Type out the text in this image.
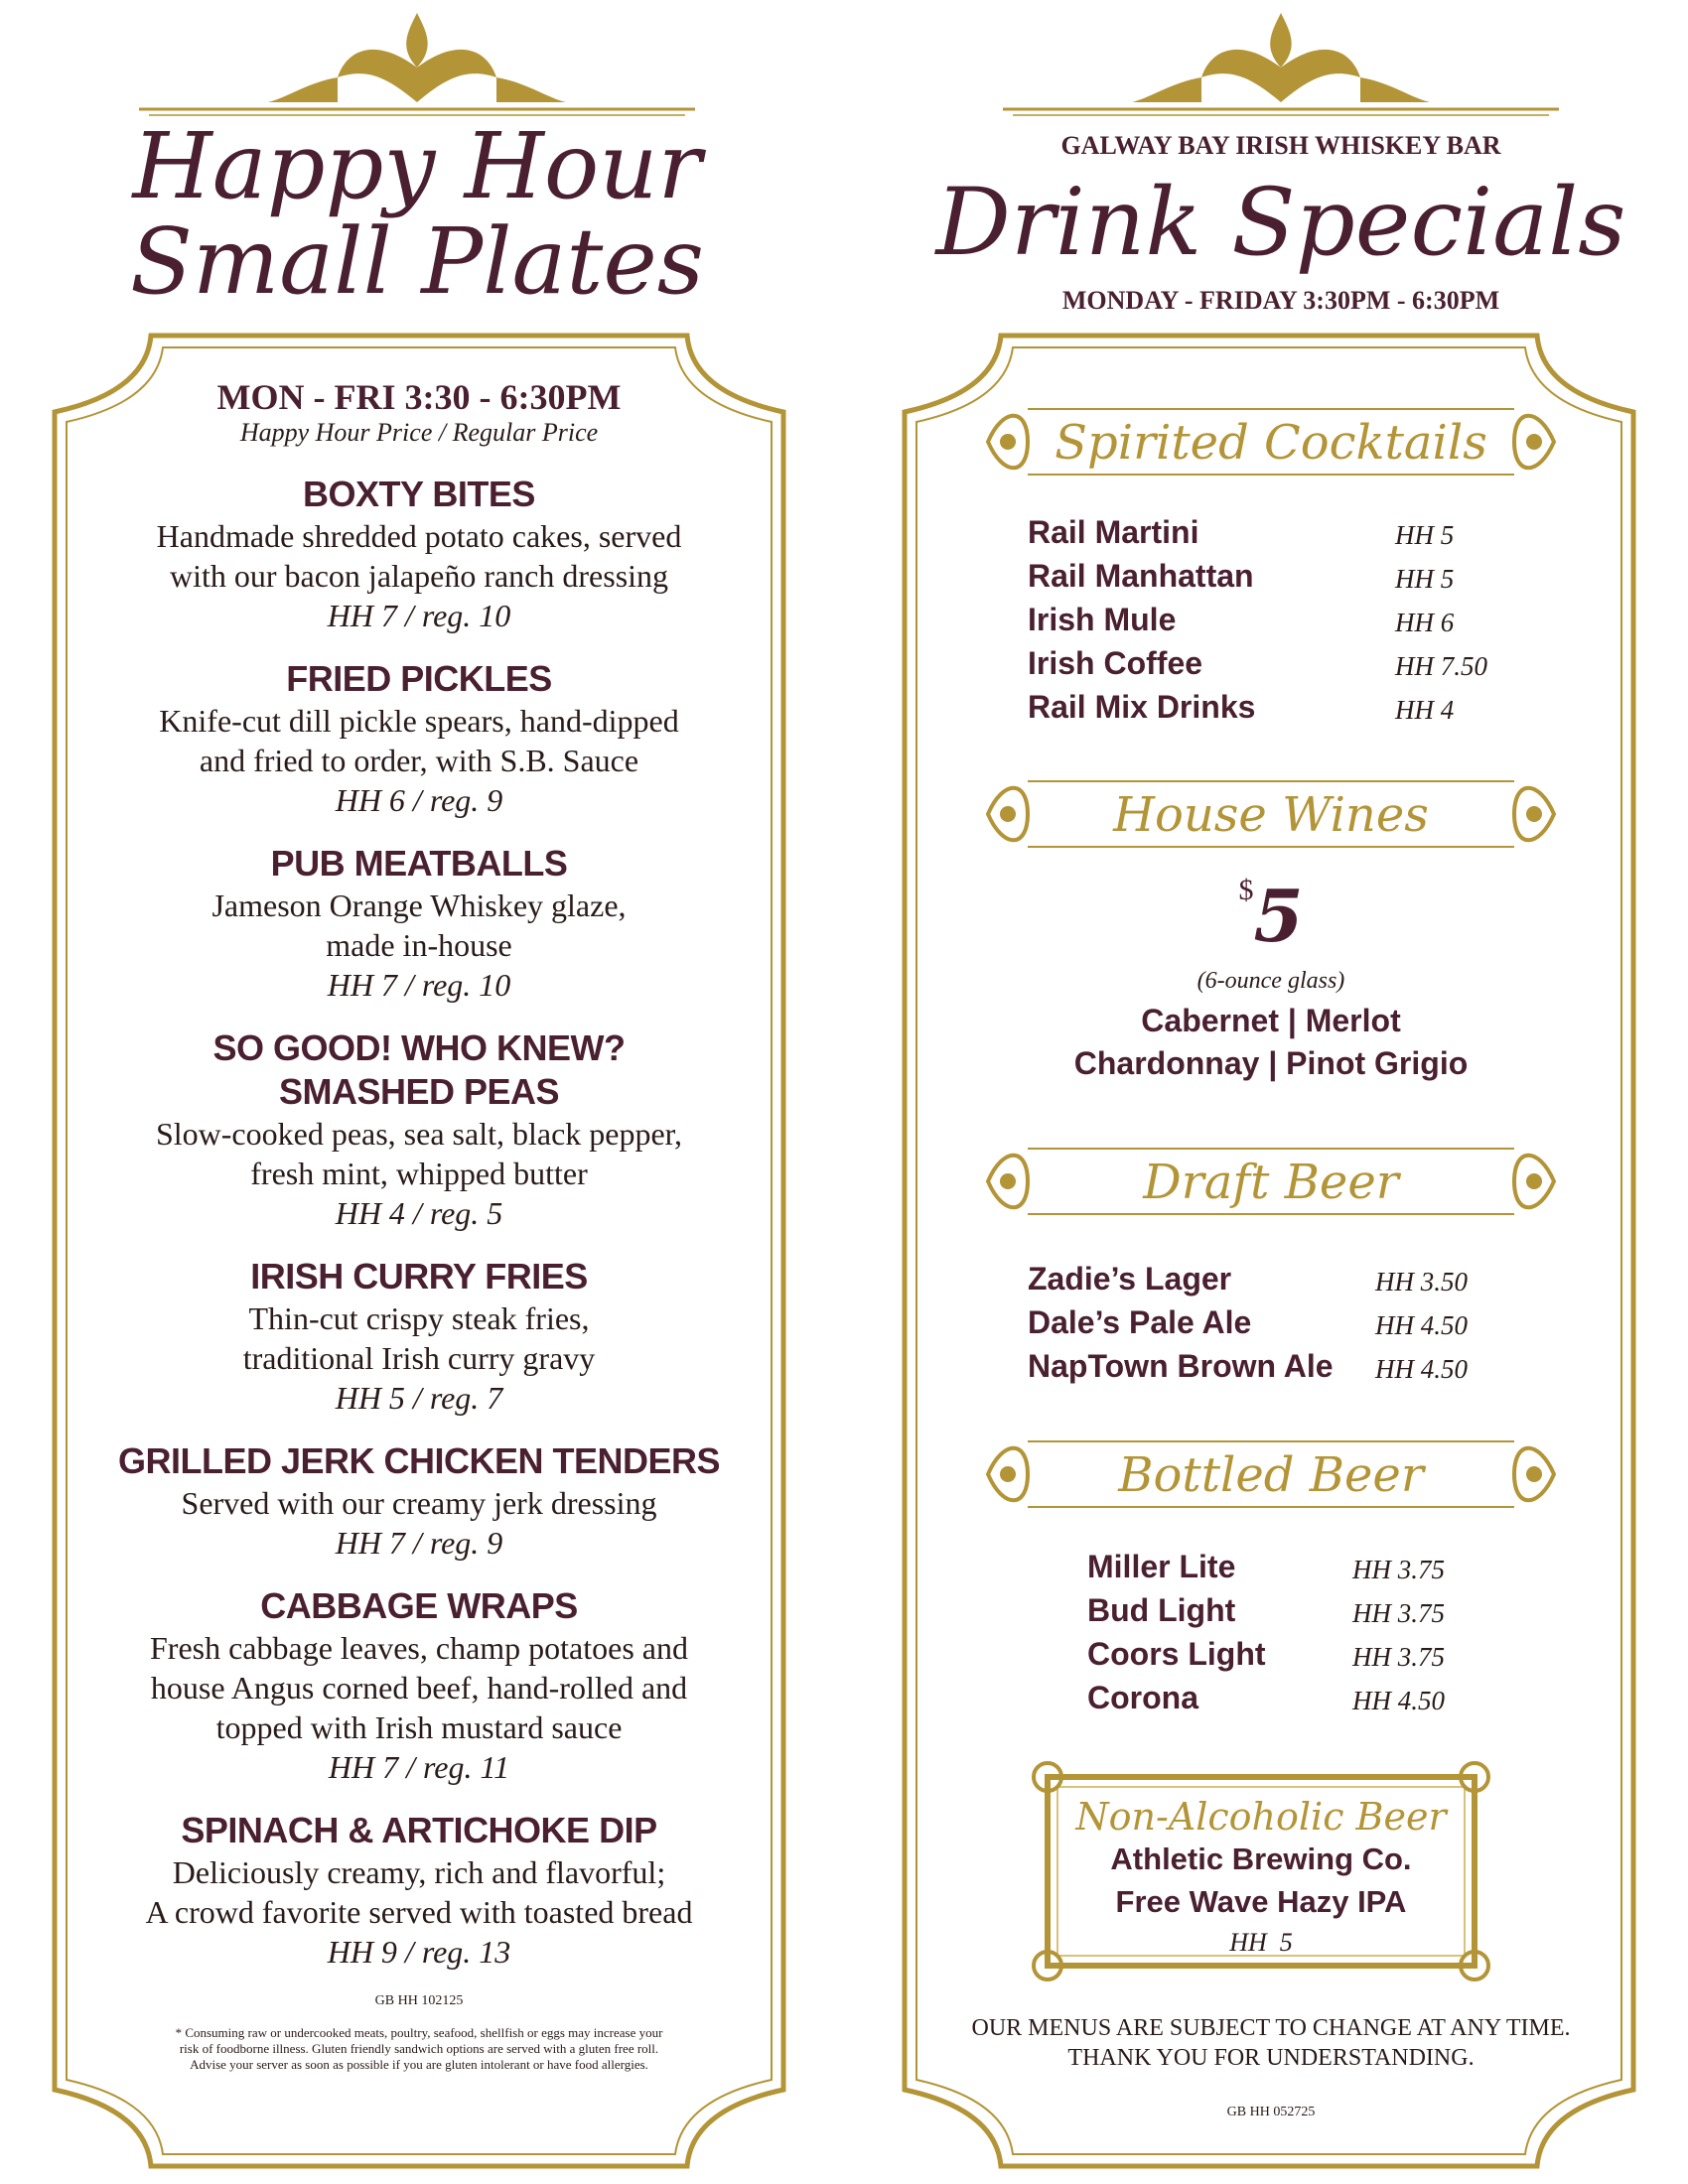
Happy Hour
Small Plates
MON - FRI 3:30 - 6:30PM
Happy Hour Price / Regular Price
BOXTY BITES
Handmade shredded potato cakes, served
with our bacon jalapeño ranch dressing
HH 7 / reg. 10
FRIED PICKLES
Knife-cut dill pickle spears, hand-dipped
and fried to order, with S.B. Sauce
HH 6 / reg. 9
PUB MEATBALLS
Jameson Orange Whiskey glaze,
made in-house
HH 7 / reg. 10
SO GOOD! WHO KNEW?
SMASHED PEAS
Slow-cooked peas, sea salt, black pepper,
fresh mint, whipped butter
HH 4 / reg. 5
IRISH CURRY FRIES
Thin-cut crispy steak fries,
traditional Irish curry gravy
HH 5 / reg. 7
GRILLED JERK CHICKEN TENDERS
Served with our creamy jerk dressing
HH 7 / reg. 9
CABBAGE WRAPS
Fresh cabbage leaves, champ potatoes and
house Angus corned beef, hand-rolled and
topped with Irish mustard sauce
HH 7 / reg. 11
SPINACH & ARTICHOKE DIP
Deliciously creamy, rich and flavorful;
A crowd favorite served with toasted bread
HH 9 / reg. 13
GB HH 102125
* Consuming raw or undercooked meats, poultry, seafood, shellfish or eggs may increase your
risk of foodborne illness. Gluten friendly sandwich options are served with a gluten free roll.
Advise your server as soon as possible if you are gluten intolerant or have food allergies.
GALWAY BAY IRISH WHISKEY BAR
Drink Specials
MONDAY - FRIDAY 3:30PM - 6:30PM
Spirited Cocktails
Rail Martini	HH 5
Rail Manhattan	HH 5
Irish Mule	HH 6
Irish Coffee	HH 7.50
Rail Mix Drinks	HH 4
House Wines
$5
(6-ounce glass)
Cabernet | Merlot
Chardonnay | Pinot Grigio
Draft Beer
Zadie’s Lager	HH 3.50
Dale’s Pale Ale	HH 4.50
NapTown Brown Ale HH 4.50
Bottled Beer
Miller Lite	HH 3.75
Bud Light	HH 3.75
Coors Light	HH 3.75
Corona	HH 4.50
Non-Alcoholic Beer
Athletic Brewing Co.
Free Wave Hazy IPA
HH  5
OUR MENUS ARE SUBJECT TO CHANGE AT ANY TIME.
THANK YOU FOR UNDERSTANDING.
GB HH 052725
